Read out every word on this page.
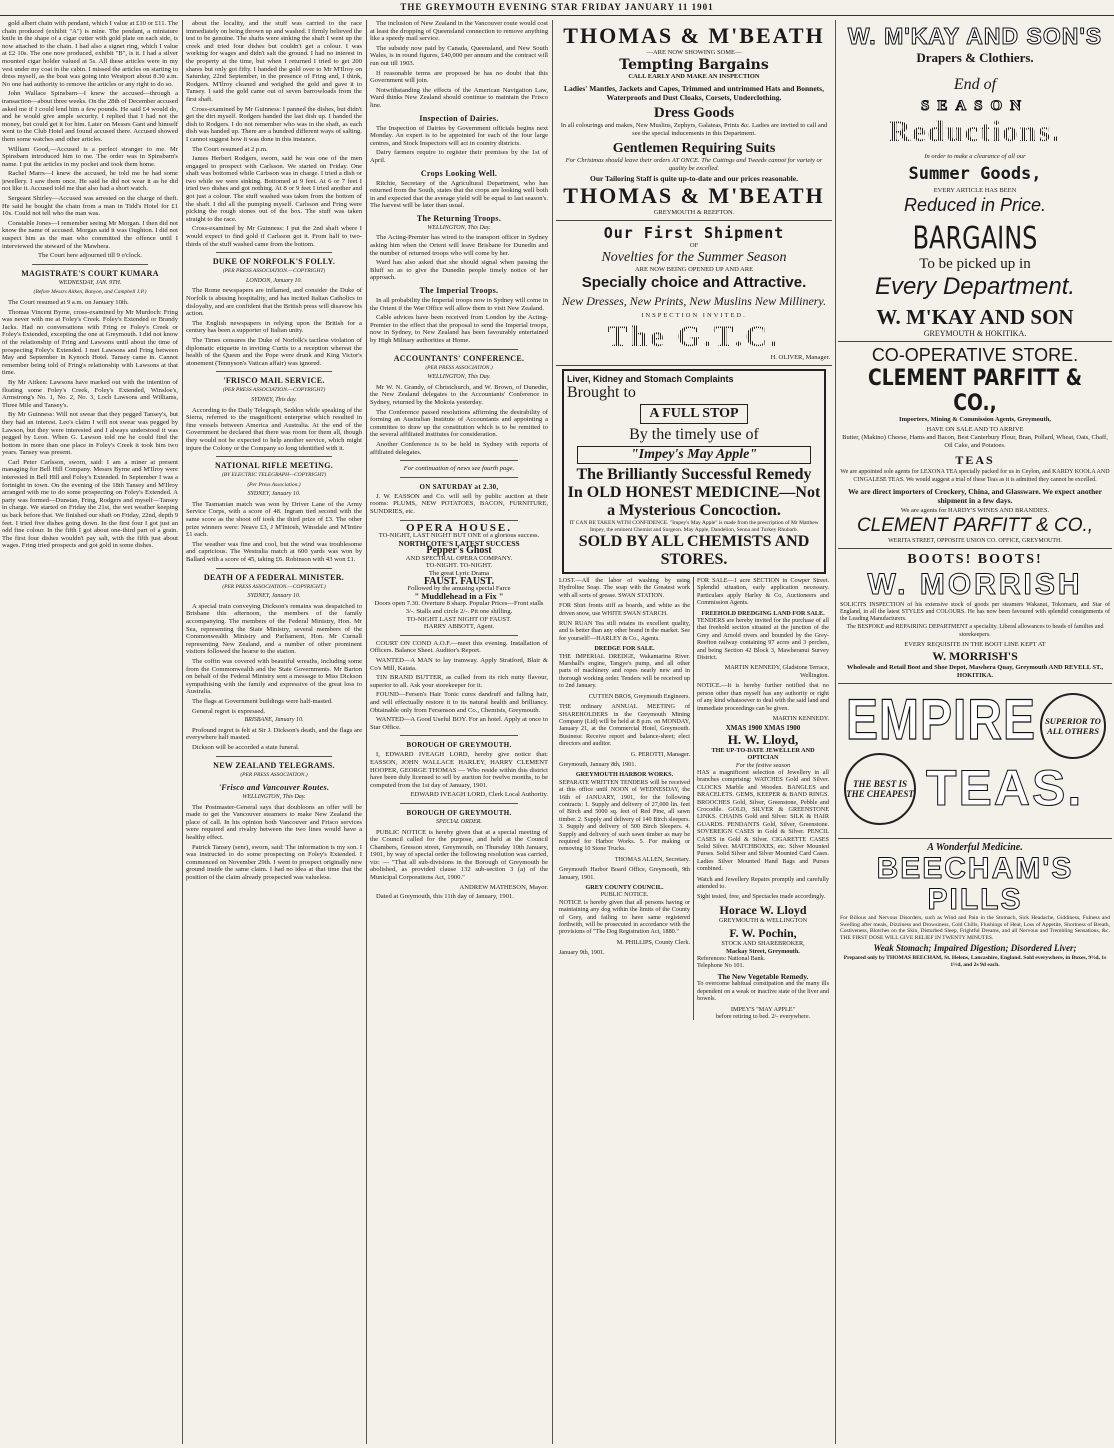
THE GREYMOUTH EVENING STAR FRIDAY JANUARY 11 1901

gold albert chain with pendant, which I value at £10 or £11. The chain produced (exhibit "A") is mine. The pendant, a miniature knife in the shape of a cigar cutter with gold plate on each side, is now attached to the chain. I had also a signet ring, which I value at £2 10s. The one now produced, exhibit "B", is it. I had a silver mounted cigar holder valued at 5s. All these articles were in my vest under my coat in the cabin. I missed the articles on starting to dress myself, as the boat was going into Westport about 8.30 a.m. No one had authority to remove the articles or any right to do so.

John Wallace Spinsbarn—I knew the accused—through a transaction—about three weeks. On the 28th of December accused asked me if I could lend him a few pounds. He said £4 would do, and he would give ample security. I replied that I had not the money, but could get it for him. Later on Messrs Gant and himself went to the Club Hotel and found accused there. Accused showed them some watches and other articles.

William Good,—Accused is a perfect stranger to me. Mr Spinsbarn introduced him to me. The order was in Spinsbarn's name. I put the articles in my pocket and took them home.

Rachel Marrs—I knew the accused, he told me he had some jewellery. I saw them once. He said he did not wear it as he did not like it. Accused told me that also had a short watch.

Sergeant Shirley—Accused was arrested on the charge of theft. He said he bought the chain from a man in Tidd's Hotel for £1 10s. Could not tell who the man was.

Constable Jones—I remember seeing Mr Morgan. I then did not know the name of accused. Morgan said it was Oughton. I did not suspect him as the man who committed the offence until I interviewed the steward of the Mawhera.

The Court here adjourned till 9 o'clock.

MAGISTRATE'S COURT KUMARA
WEDNESDAY, JAN. 9TH.
(Before Messrs Aitken, Banyon, and Campbell J.P.)

The Court resumed at 9 a.m. on January 10th.

Thomas Vincent Byrne, cross-examined by Mr Murdoch: Fring was never with me at Foley's Creek. Foley's Extended or Brandy Jacks. Had no conversations with Fring re Foley's Creek or Foley's Extended, excepting the one at Greymouth. I did not know of the relationship of Fring and Lawsons until about the time of prospecting Foley's Extended. I met Lawsons and Fring between May and September in Kynoch Hotel. Tansey came in. Cannot remember being told of Fring's relationship with Lawsons at that time.

By Mr Aitken: Lawsons have marked out with the intention of floating some Foley's Creek, Foley's Extended, Winsloe's, Armstrong's No. 1, No. 2, No. 3, Loch Lawsons and Williams, Three Mile and Tansey's.

By Mr Guinness: Will not swear that they pegged Tansey's, but they had an interest. Leo's claim I will not swear was pegged by Lawson, but they were interested and I always understood it was pegged by Leon. When G. Lawson told me he could find the bottom in more than one place in Foley's Creek it took him two years. Tansey was present.

Carl Peter Carlsson, sworn, said: I am a miner at present managing for Bell Hill Company. Messrs Byrne and M'Ilroy were interested in Bell Hill and Foley's Extended. In September I was a fortnight in town. On the evening of the 18th Tansey and M'Ilroy arranged with me to do some prospecting on Foley's Extended. A party was formed—Dunstan, Fring, Rodgers and myself—Tansey in charge. We started on Friday the 21st, the wet weather keeping us back before that. We finished our shaft on Friday, 22nd, depth 9 feet. I tried five dishes going down. In the first four I got just an odd fine colour. In the fifth I got about one-third part of a grain. The first four dishes wouldn't pay salt, with the fifth just about wages. Fring tried prospects and got gold in some dishes.

about the locality, and the stuff was carried to the race immediately on being thrown up and washed. I firmly believed the test to be genuine. The shafts were sinking the shaft I went up the creek and tried four dishes but couldn't get a colour. I was working for wages and didn't salt the ground. I had no interest in the property at the time, but when I returned I tried to get 200 shares but only got fifty. I handed the gold over to Mr M'Ilroy on Saturday, 22nd September, in the presence of Fring and, I think, Rodgers. M'Ilroy cleaned and weighed the gold and gave it to Tansey. I said the gold came out of seven barrowloads from the first shaft.

Cross-examined by Mr Guinness: I panned the dishes, but didn't get the dirt myself. Rodgers handed the last dish up. I handed the dish to Rodgers. I do not remember who was in the shaft, as each dish was handed up. There are a hundred different ways of salting. I cannot suggest how it was done in this instance.

The Court resumed at 2 p.m.

James Herbert Rodgers, sworn, said he was one of the men engaged to prospect with Carlsson. We started on Friday. One shaft was bottomed while Carlsson was in charge. I tried a dish or two while we were sinking. Bottomed at 9 feet. At 6 or 7 feet I tried two dishes and got nothing. At 8 or 9 feet I tried another and got just a colour. The stuff washed was taken from the bottom of the shaft. I did all the pumping myself. Carlsson and Fring were picking the rough stones out of the box. The stuff was taken straight to the race.

Cross-examined by Mr Guinness: I put the 2nd shaft where I would expect to find gold if Carlsson got it. From half to two-thirds of the stuff washed came from the bottom.

DUKE OF NORFOLK'S FOLLY.
(PER PRESS ASSOCIATION.—COPYRIGHT)
LONDON, January 10.

The Rome newspapers are inflamed, and consider the Duke of Norfolk is abusing hospitality, and has incited Italian Catholics to disloyalty, and are confident that the British press will disavow his action.

The English newspapers in relying upon the British for a century has been a supporter of Italian unity.

The Times censures the Duke of Norfolk's tactless violation of diplomatic etiquette in inviting Curtis to a reception whereat the health of the Queen and the Pope were drunk and King Victor's atonement (Tennyson's Vatican affair) was ignored.

'FRISCO MAIL SERVICE.
(PER PRESS ASSOCIATION.—COPYRIGHT)
SYDNEY, This day.

According to the Daily Telegraph, Seddon while speaking of the Sierra, referred to the magnificent enterprise which resulted in fine vessels between America and Australia. At the end of the Government he declared that there was room for them all, though they would not be expected to help another service, which might injure the Colony or the Company so long identified with it.

NATIONAL RIFLE MEETING.
(BY ELECTRIC TELEGRAPH—COPYRIGHT)
(Per Press Association.)
SYDNEY, January 10.

The Tasmanian match was won by Driver Lane of the Army Service Corps, with a score of 48. Ingram tied second with the same score as the shoot off took the third prize of £3. The other prize winners were: Neave £3, J M'Intosh, Winsdale and M'Intire £1 each.

The weather was fine and cool, but the wind was troublesome and capricious. The Westralia match at 600 yards was won by Ballard with a score of 45, taking £6. Robinson with 43 won £1.

DEATH OF A FEDERAL MINISTER.
(PER PRESS ASSOCIATION.—COPYRIGHT.)
SYDNEY, January 10.

A special train conveying Dickson's remains was despatched to Brisbane this afternoon, the members of the family accompanying. The members of the Federal Ministry, Hon. Mr Sea, representing the State Ministry, several members of the Commonwealth Ministry and Parliament, Hon. Mr Curnall representing New Zealand, and a number of other prominent visitors followed the hearse to the station.

The coffin was covered with beautiful wreaths, including some from the Commonwealth and the State Governments. Mr Barton on behalf of the Federal Ministry sent a message to Miss Dickson sympathising with the family and expressive of the great loss to Australia.

The flags at Government buildings were half-masted.

General regret is expressed.

BRISBANE, January 10.

Profound regret is felt at Sir J. Dickson's death, and the flags are everywhere half masted.

Dickson will be accorded a state funeral.

NEW ZEALAND TELEGRAMS.
(PER PRESS ASSOCIATION.)
'Frisco and Vancouver Routes.
WELLINGTON, This Day.

The Postmaster-General says that doubloons an offer will be made to get the Vancouver steamers to make New Zealand the place of call. In his opinion both Vancouver and Frisco services were required and rivalry between the two lines would have a healthy effect.

Patrick Tansey (senr), sworn, said: The information is my son. I was instructed to do some prospecting on Foley's Extended. I commenced on November 29th. I went to prospect originally new ground inside the same claim. I had no idea at that time that the position of the claim already prospected was valueless.

The inclusion of New Zealand in the Vancouver route would cost at least the dropping of Queensland connection to remove anything like a speedy mail service.

The subsidy now paid by Canada, Queensland, and New South Wales, is in round figures, £40,000 per annum and the contract will run out till 1903.

If reasonable terms are proposed he has no doubt that this Government will join.

Notwithstanding the effects of the American Navigation Law, Ward thinks New Zealand should continue to maintain the Frisco line.

Inspection of Dairies.

The Inspection of Dairies by Government officials begins next Monday. An expert is to be appointed for each of the four large centres, and Stock Inspectors will act in country districts.

Dairy farmers require to register their premises by the 1st of April.

Crops Looking Well.

Ritchie, Secretary of the Agricultural Department, who has returned from the South, states that the crops are looking well both in and expected that the average yield will be equal to last season's. The harvest will be later than usual.

The Returning Troops.
WELLINGTON, This Day.

The Acting-Premier has wired to the transport officer in Sydney asking him when the Orient will leave Brisbane for Dunedin and the number of returned troops who will come by her.

Ward has also asked that she should signal when passing the Bluff so as to give the Dunedin people timely notice of her approach.

The Imperial Troops.

In all probability the Imperial troops now in Sydney will come in the Orient if the War Office will allow them to visit New Zealand.

Cable advices have been received from London by the Acting-Premier to the effect that the proposal to send the Imperial troops, now in Sydney, to New Zealand has been favourably entertained by High Military authorities at Home.

ACCOUNTANTS' CONFERENCE.
(PER PRESS ASSOCIATION.)
WELLINGTON, This Day.

Mr W. N. Grandy, of Christchurch, and W. Brown, of Dunedin, the New Zealand delegates to the Accountants' Conference in Sydney, returned by the Mokoia yesterday.

The Conference passed resolutions affirming the desirability of forming an Australian Institute of Accountants and appointing a committee to draw up the constitution which is to be remitted to the several affiliated institutes for consideration.

Another Conference is to be held in Sydney with reports of affiliated delegates.

For continuation of news see fourth page.

ON SATURDAY at 2.30,

J. W. EASSON and Co. will sell by public auction at their rooms: PLUMS, NEW POTATOES, BACON, FURNITURE, SUNDRIES, etc.

OPERA HOUSE.
TO-NIGHT, LAST NIGHT BUT ONE of a glorious success.
NORTHCOTE'S LATEST SUCCESS
Pepper's Ghost
AND SPECTRAL OPERA COMPANY.
TO-NIGHT. TO-NIGHT.
The great Lyric Drama
FAUST. FAUST.
Followed by the amusing special Farce
" Muddlehead in a Fix "
Doors open 7.30. Overture 8 sharp. Popular Prices—Front stalls 3/-. Stalls and circle 2/-. Pit one shilling.
TO-NIGHT LAST NIGHT OF FAUST.
HARRY ABBOTT, Agent.

COURT ON COND A.O.F.—meet this evening. Installation of Officers. Balance Sheet. Auditor's Report.

WANTED—A MAN to lay tramway. Apply Stratford, Blair & Co's Mill, Kaiata.

TIN BRAND BUTTER, as culled from its rich nutty flavour, superior to all. Ask your storekeeper for it.

FOUND—Fersen's Hair Tonic cures dandruff and falling hair, and will effectually restore it to its natural health and brilliancy. Obtainable only from Fersenson and Co., Chemists, Greymouth.

WANTED—A Good Useful BOY. For an hotel. Apply at once to Star Office.

BOROUGH OF GREYMOUTH.

I, EDWARD IVEAGH LORD, hereby give notice that: EASSON, JOHN WALLACE HARLEY, HARRY CLEMENT HOOPER, GEORGE THOMAS — Who reside within this district have been duly licensed to sell by auction for twelve months, to be computed from the 1st day of January, 1901.

EDWARD IVEAGH LORD, Clerk Local Authority.

BOROUGH OF GREYMOUTH.
SPECIAL ORDER.

PUBLIC NOTICE is hereby given that at a special meeting of the Council called for the purpose, and held at the Council Chambers, Gresson street, Greymouth, on Thursday 10th January, 1901, by way of special order the following resolution was carried, viz: — "That all sub-divisions in the Borough of Greymouth be abolished, as provided clause 132 sub-section 3 (a) of the Municipal Corporations Act, 1900."

ANDREW MATHESON, Mayor.

Dated at Greymouth, this 11th day of January, 1901.

THOMAS & M'BEATH
—ARE NOW SHOWING SOME—
Tempting Bargains
CALL EARLY AND MAKE AN INSPECTION
Ladies' Mantles, Jackets and Capes, Trimmed and untrimmed Hats and Bonnets, Waterproofs and Dust Cloaks, Corsets, Underclothing.
Dress Goods
In all colourings and makes, New Muslins, Zephyrs, Galateas, Prints &c. Ladies are invited to call and see the special inducements in this Department.
Gentlemen Requiring Suits
For Christmas should leave their orders AT ONCE. The Cuttings and Tweeds cannot for variety or quality be excelled.
Our Tailoring Staff is quite up-to-date and our prices reasonable.
THOMAS & M'BEATH
GREYMOUTH & REEFTON.
Our First Shipment
OF
Novelties for the Summer Season
ARE NOW BEING OPENED UP AND ARE
Specially choice and Attractive.
New Dresses, New Prints, New Muslins New Millinery.
INSPECTION INVITED.
The G.T.C.
H. OLIVER, Manager.
Liver, Kidney and Stomach Complaints
Brought to
A FULL STOP
By the timely use of
"Impey's May Apple"
The Brilliantly Successful Remedy In OLD HONEST MEDICINE—Not a Mysterious Concoction.
IT CAN BE TAKEN WITH CONFIDENCE. "Impey's May Apple" is made from the prescription of Mr Matthew Impey, the eminent Chemist and Surgeon. May Apple, Dandelion, Senna and Turkey Rhubarb.
SOLD BY ALL CHEMISTS AND STORES.

LOST.—All the labor of washing by using Hydroline Soap. The soap with the Greatest work with all sorts of grease. SWAN STATION.

FOR Shirt fronts stiff as boards, and white as the driven snow, use WHITE SWAN STARCH.

RUN RUAN Tea still retains its excellent quality, and is better than any other brand in the market. See for yourself!—HARLEY & Co., Agents.

DREDGE FOR SALE.

THE IMPERIAL DREDGE, Wakamarina River. Marshall's engine, Tangye's pump, and all other parts of machinery and ropes nearly new and in thorough working order. Tenders will be received up to 2nd January.

CUTTEN BROS, Greymouth Engineers.

THE ordinary ANNUAL MEETING of SHAREHOLDERS in the Greymouth Mining Company (Ltd) will be held at 8 p.m. on MONDAY, January 21, at the Commercial Hotel, Greymouth. Business: Receive report and balance-sheet; elect directors and auditor.

G. PEROTTI, Manager.

Greymouth, January 8th, 1901.

GREYMOUTH HARBOR WORKS.

SEPARATE WRITTEN TENDERS will be received at this office until NOON of WEDNESDAY, the 16th of JANUARY, 1901, for the following contracts: 1. Supply and delivery of 27,000 lin. feet of Birch and 5000 sq. feet of Red Pine, all sawn timber. 2. Supply and delivery of 140 Birch sleepers. 3. Supply and delivery of 500 Birch Sleepers. 4. Supply and delivery of such sawn timber as may be required for Harbor Works. 5. For making or removing 10 Stone Trucks.

THOMAS ALLEN, Secretary.

Greymouth Harbor Board Office, Greymouth, 9th January, 1901.

GREY COUNTY COUNCIL.
PUBLIC NOTICE.

NOTICE is hereby given that all persons having or maintaining any dog within the limits of the County of Grey, and failing to have same registered forthwith, will be prosecuted in accordance with the provisions of "The Dog Registration Act, 1880."

M. PHILLIPS, County Clerk.

January 9th, 1901.

FOR SALE—1 acre SECTION in Cowper Street. Splendid situation, early application necessary. Particulars apply Harley & Co, Auctioneers and Commission Agents.

FREEHOLD DREDGING LAND FOR SALE.

TENDERS are hereby invited for the purchase of all that freehold section situated at the junction of the Grey and Arnold rivers and bounded by the Grey-Reefton railway containing 97 acres and 3 perches, and being Section 42 Block 3, Mawheranui Survey District.

MARTIN KENNEDY, Gladstone Terrace, Wellington.

NOTICE.—It is hereby further notified that no person other than myself has any authority or right of any kind whatsoever to deal with the said land and immediate proceedings can be given.

MARTIN KENNEDY.

XMAS 1900 XMAS 1900
H. W. Lloyd,
THE UP-TO-DATE JEWELLER AND OPTICIAN
For the festive season

HAS a magnificent selection of Jewellery in all branches comprising: WATCHES Gold and Silver. CLOCKS Marble and Wooden. BANGLES and BRACELETS. GEMS, KEEPER & BAND RINGS. BROOCHES Gold, Silver, Greenstone, Pebble and Crocodile. GOLD, SILVER & GREENSTONE LINKS. CHAINS Gold and Silver. SILK & HAIR GUARDS. PENDANTS Gold, Silver, Greenstone. SOVEREIGN CASES in Gold & Silver. PENCIL CASES in Gold & Silver. CIGARETTE CASES Solid Silver. MATCHBOXES, etc. Silver Mounted Purses. Solid Silver and Silver Mounted Card Cases. Ladies Silver Mounted Hand Bags and Purses combined.

Watch and Jewellery Repairs promptly and carefully attended to.

Sight tested, free, and Spectacles made accordingly.

Horace W. Lloyd
GREYMOUTH & WELLINGTON
F. W. Pochin,
STOCK AND SHAREBROKER,
Mackay Street, Greymouth.
References: National Bank.
Telephone No 101.
The New Vegetable Remedy.

To overcome habitual constipation and the many ills dependent on a weak or inactive state of the liver and bowels.

IMPEY'S "MAY APPLE"
before retiring to bed. 2/- everywhere.
W. M'KAY AND SON'S
Drapers & Clothiers.
End of
SEASON
Reductions.
In order to make a clearance of all our
Summer Goods,
EVERY ARTICLE HAS BEEN
Reduced in Price.
BARGAINS
To be picked up in
Every Department.
W. M'KAY AND SON
GREYMOUTH & HOKITIKA.
CO-OPERATIVE STORE.
CLEMENT PARFITT & CO.,
Importers, Mining & Commission Agents, Greymouth,
HAVE ON SALE AND TO ARRIVE
Butter, (Makino) Cheese, Hams and Bacon, Best Canterbury Flour, Bran, Pollard, Wheat, Oats, Chaff, Oil Cake, and Potatoes.
TEAS
We are appointed sole agents for LEXONA TEA specially packed for us in Ceylon, and KARDY KOOLA AND CINGALESE TEAS. We would suggest a trial of these Teas as it is admitted they cannot be excelled.
We are direct importers of Crockery, China, and Glassware. We expect another shipment in a few days.
We are agents for HARDY'S WINES AND BRANDIES.
CLEMENT PARFITT & CO.,
WERITA STREET, OPPOSITE UNION CO. OFFICE, GREYMOUTH.
BOOTS! BOOTS!
W. MORRISH
SOLICITS INSPECTION of his extensive stock of goods per steamers Wakanui, Tokomaru, and Star of England, in all the latest STYLES and COLOURS. He has now been favoured with splendid consignments of the Leading Manufacturers.
The BESPOKE and REPAIRING DEPARTMENT a speciality. Liberal allowances to heads of families and storekeepers.
EVERY REQUISITE IN THE BOOT LINE KEPT AT
W. MORRISH'S
Wholesale and Retail Boot and Shoe Depot, Mawhera Quay, Greymouth AND REVELL ST., HOKITIKA.
EMPIRE	SUPERIOR TO ALL OTHERS
THE BEST IS THE CHEAPEST TEAS.
A Wonderful Medicine.
BEECHAM'S PILLS
For Bilious and Nervous Disorders, such as Wind and Pain in the Stomach, Sick Headache, Giddiness, Fulness and Swelling after meals, Dizziness and Drowsiness, Cold Chills, Flushings of Heat, Loss of Appetite, Shortness of Breath, Costiveness, Blotches on the Skin, Disturbed Sleep, Frightful Dreams, and all Nervous and Trembling Sensations, &c. THE FIRST DOSE WILL GIVE RELIEF IN TWENTY MINUTES.
Weak Stomach; Impaired Digestion; Disordered Liver;
Prepared only by THOMAS BEECHAM, St. Helens, Lancashire, England. Sold everywhere, in Boxes, 9½d, 1s 1½d, and 2s 9d each.
